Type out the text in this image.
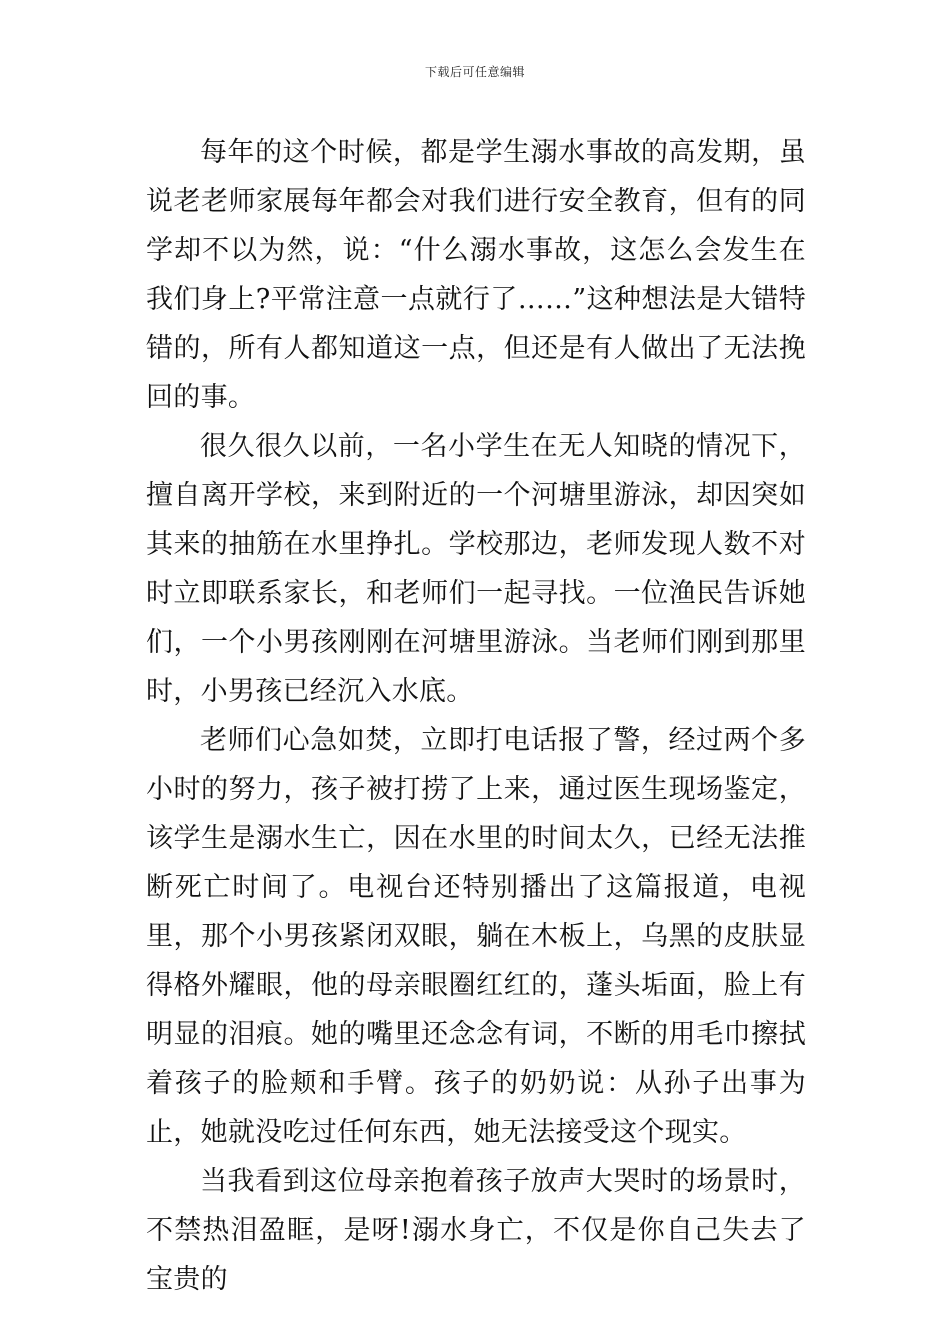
下载后可任意编辑

每年的这个时候，都是学生溺水事故的高发期，虽说老老师家展每年都会对我们进行安全教育，但有的同学却不以为然，说：“什么溺水事故，这怎么会发生在我们身上?平常注意一点就行了……”这种想法是大错特错的，所有人都知道这一点，但还是有人做出了无法挽回的事。

很久很久以前，一名小学生在无人知晓的情况下，擅自离开学校，来到附近的一个河塘里游泳，却因突如其来的抽筋在水里挣扎。学校那边，老师发现人数不对时立即联系家长，和老师们一起寻找。一位渔民告诉她们，一个小男孩刚刚在河塘里游泳。当老师们刚到那里时，小男孩已经沉入水底。

老师们心急如焚，立即打电话报了警，经过两个多小时的努力，孩子被打捞了上来，通过医生现场鉴定，该学生是溺水生亡，因在水里的时间太久，已经无法推断死亡时间了。电视台还特别播出了这篇报道，电视里，那个小男孩紧闭双眼，躺在木板上，乌黑的皮肤显得格外耀眼，他的母亲眼圈红红的，蓬头垢面，脸上有明显的泪痕。她的嘴里还念念有词，不断的用毛巾擦拭着孩子的脸颊和手臂。孩子的奶奶说：从孙子出事为止，她就没吃过任何东西，她无法接受这个现实。

当我看到这位母亲抱着孩子放声大哭时的场景时，不禁热泪盈眶，是呀!溺水身亡，不仅是你自己失去了宝贵的
